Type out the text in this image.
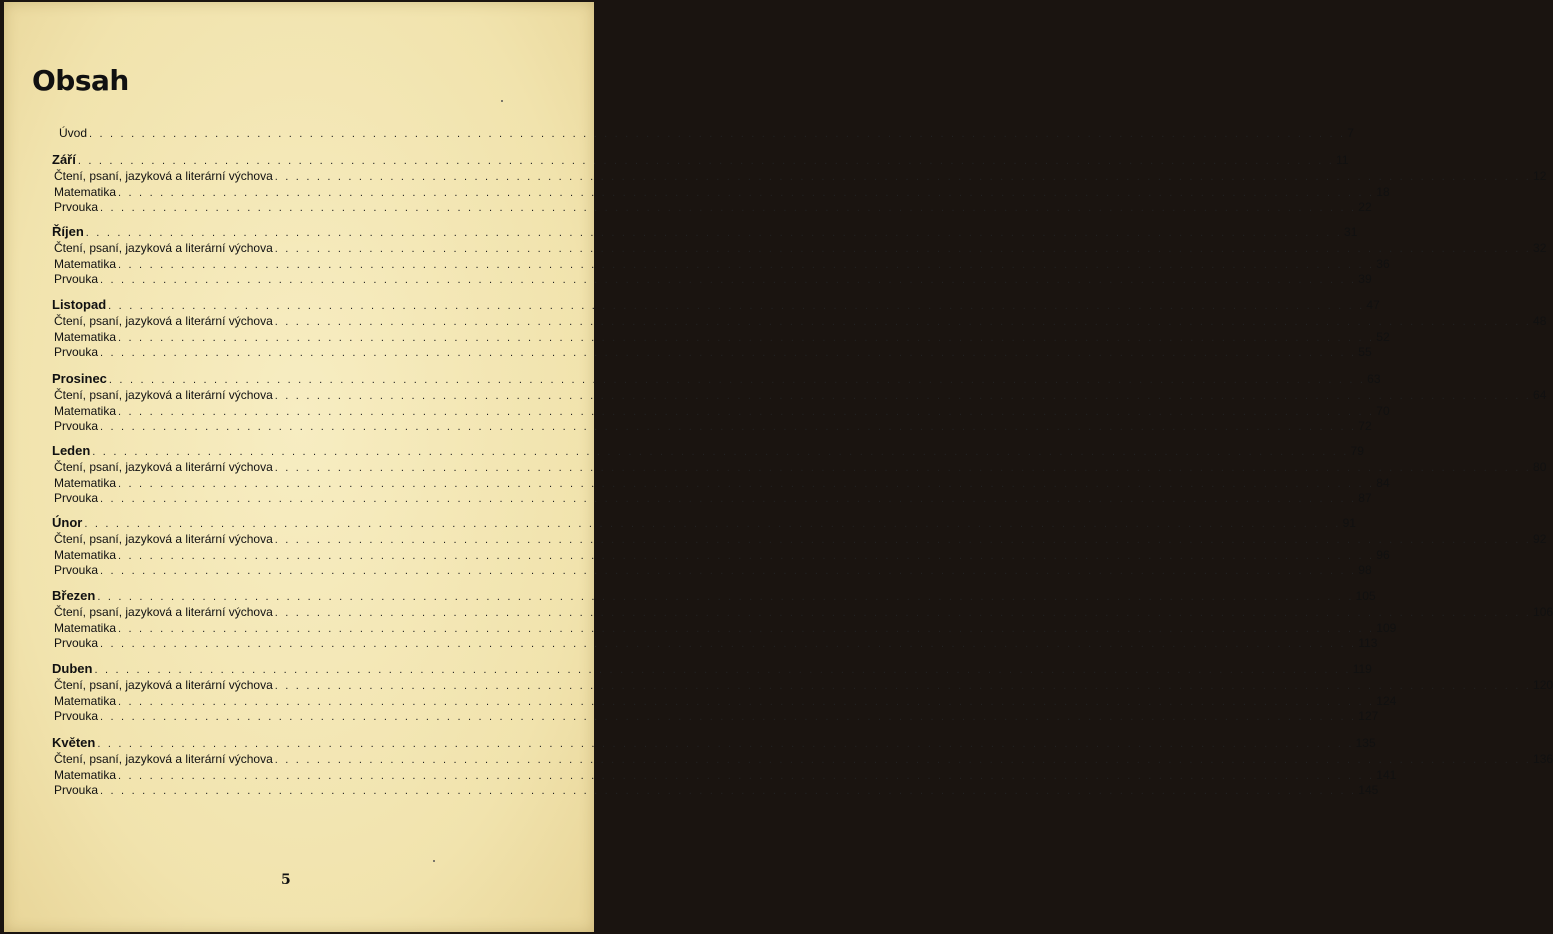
Obsah
Úvod . . . . . . . . . . . . . . . . . . . . . . . . . . . . . . . . . . . . . . . . . . . . . . . . . . . . . . . . . . . . . . . . . . . . . . . . . . . . . . . . . . . . . . . . . . . . . . . . . . . . . . . . . . . . . . . . . . . . . . . . 7
Září . . . . . . . . . . . . . . . . . . . . . . . . . . . . . . . . . . . . . . . . . . . . . . . . . . . . . . . . . . . . . . . . . . . . . . . . . . . . . . . . . . . . . . . . . . . . . . . . . . . . . . . . . . . . . . . . . . . . . . . . 11
Čtení, psaní, jazyková a literární výchova . . . . . . . . . . . . . . . . . . . . . . . . . . . . . . . . . . . . . . . . . . . . . . . . . . . . . . . . . . . . . . . . . . . . . . . . . . . . . . . . . . . . . . . . . . . . . . . . . . . . . . . . . . . . . . . . . . . . . . . . 12
Matematika . . . . . . . . . . . . . . . . . . . . . . . . . . . . . . . . . . . . . . . . . . . . . . . . . . . . . . . . . . . . . . . . . . . . . . . . . . . . . . . . . . . . . . . . . . . . . . . . . . . . . . . . . . . . . . . . . . . . . . . . 18
Prvouka . . . . . . . . . . . . . . . . . . . . . . . . . . . . . . . . . . . . . . . . . . . . . . . . . . . . . . . . . . . . . . . . . . . . . . . . . . . . . . . . . . . . . . . . . . . . . . . . . . . . . . . . . . . . . . . . . . . . . . . . 22
Říjen . . . . . . . . . . . . . . . . . . . . . . . . . . . . . . . . . . . . . . . . . . . . . . . . . . . . . . . . . . . . . . . . . . . . . . . . . . . . . . . . . . . . . . . . . . . . . . . . . . . . . . . . . . . . . . . . . . . . . . . . 31
Čtení, psaní, jazyková a literární výchova . . . . . . . . . . . . . . . . . . . . . . . . . . . . . . . . . . . . . . . . . . . . . . . . . . . . . . . . . . . . . . . . . . . . . . . . . . . . . . . . . . . . . . . . . . . . . . . . . . . . . . . . . . . . . . . . . . . . . . . . 32
Matematika . . . . . . . . . . . . . . . . . . . . . . . . . . . . . . . . . . . . . . . . . . . . . . . . . . . . . . . . . . . . . . . . . . . . . . . . . . . . . . . . . . . . . . . . . . . . . . . . . . . . . . . . . . . . . . . . . . . . . . . . 36
Prvouka . . . . . . . . . . . . . . . . . . . . . . . . . . . . . . . . . . . . . . . . . . . . . . . . . . . . . . . . . . . . . . . . . . . . . . . . . . . . . . . . . . . . . . . . . . . . . . . . . . . . . . . . . . . . . . . . . . . . . . . . 39
Listopad . . . . . . . . . . . . . . . . . . . . . . . . . . . . . . . . . . . . . . . . . . . . . . . . . . . . . . . . . . . . . . . . . . . . . . . . . . . . . . . . . . . . . . . . . . . . . . . . . . . . . . . . . . . . . . . . . . . . . . . . 47
Čtení, psaní, jazyková a literární výchova . . . . . . . . . . . . . . . . . . . . . . . . . . . . . . . . . . . . . . . . . . . . . . . . . . . . . . . . . . . . . . . . . . . . . . . . . . . . . . . . . . . . . . . . . . . . . . . . . . . . . . . . . . . . . . . . . . . . . . . . 48
Matematika . . . . . . . . . . . . . . . . . . . . . . . . . . . . . . . . . . . . . . . . . . . . . . . . . . . . . . . . . . . . . . . . . . . . . . . . . . . . . . . . . . . . . . . . . . . . . . . . . . . . . . . . . . . . . . . . . . . . . . . . 52
Prvouka . . . . . . . . . . . . . . . . . . . . . . . . . . . . . . . . . . . . . . . . . . . . . . . . . . . . . . . . . . . . . . . . . . . . . . . . . . . . . . . . . . . . . . . . . . . . . . . . . . . . . . . . . . . . . . . . . . . . . . . . 55
Prosinec . . . . . . . . . . . . . . . . . . . . . . . . . . . . . . . . . . . . . . . . . . . . . . . . . . . . . . . . . . . . . . . . . . . . . . . . . . . . . . . . . . . . . . . . . . . . . . . . . . . . . . . . . . . . . . . . . . . . . . . . 63
Čtení, psaní, jazyková a literární výchova . . . . . . . . . . . . . . . . . . . . . . . . . . . . . . . . . . . . . . . . . . . . . . . . . . . . . . . . . . . . . . . . . . . . . . . . . . . . . . . . . . . . . . . . . . . . . . . . . . . . . . . . . . . . . . . . . . . . . . . . 64
Matematika . . . . . . . . . . . . . . . . . . . . . . . . . . . . . . . . . . . . . . . . . . . . . . . . . . . . . . . . . . . . . . . . . . . . . . . . . . . . . . . . . . . . . . . . . . . . . . . . . . . . . . . . . . . . . . . . . . . . . . . . 70
Prvouka . . . . . . . . . . . . . . . . . . . . . . . . . . . . . . . . . . . . . . . . . . . . . . . . . . . . . . . . . . . . . . . . . . . . . . . . . . . . . . . . . . . . . . . . . . . . . . . . . . . . . . . . . . . . . . . . . . . . . . . . 72
Leden . . . . . . . . . . . . . . . . . . . . . . . . . . . . . . . . . . . . . . . . . . . . . . . . . . . . . . . . . . . . . . . . . . . . . . . . . . . . . . . . . . . . . . . . . . . . . . . . . . . . . . . . . . . . . . . . . . . . . . . . 79
Čtení, psaní, jazyková a literární výchova . . . . . . . . . . . . . . . . . . . . . . . . . . . . . . . . . . . . . . . . . . . . . . . . . . . . . . . . . . . . . . . . . . . . . . . . . . . . . . . . . . . . . . . . . . . . . . . . . . . . . . . . . . . . . . . . . . . . . . . . 80
Matematika . . . . . . . . . . . . . . . . . . . . . . . . . . . . . . . . . . . . . . . . . . . . . . . . . . . . . . . . . . . . . . . . . . . . . . . . . . . . . . . . . . . . . . . . . . . . . . . . . . . . . . . . . . . . . . . . . . . . . . . . 84
Prvouka . . . . . . . . . . . . . . . . . . . . . . . . . . . . . . . . . . . . . . . . . . . . . . . . . . . . . . . . . . . . . . . . . . . . . . . . . . . . . . . . . . . . . . . . . . . . . . . . . . . . . . . . . . . . . . . . . . . . . . . . 87
Únor . . . . . . . . . . . . . . . . . . . . . . . . . . . . . . . . . . . . . . . . . . . . . . . . . . . . . . . . . . . . . . . . . . . . . . . . . . . . . . . . . . . . . . . . . . . . . . . . . . . . . . . . . . . . . . . . . . . . . . . . 91
Čtení, psaní, jazyková a literární výchova . . . . . . . . . . . . . . . . . . . . . . . . . . . . . . . . . . . . . . . . . . . . . . . . . . . . . . . . . . . . . . . . . . . . . . . . . . . . . . . . . . . . . . . . . . . . . . . . . . . . . . . . . . . . . . . . . . . . . . . . 92
Matematika . . . . . . . . . . . . . . . . . . . . . . . . . . . . . . . . . . . . . . . . . . . . . . . . . . . . . . . . . . . . . . . . . . . . . . . . . . . . . . . . . . . . . . . . . . . . . . . . . . . . . . . . . . . . . . . . . . . . . . . . 96
Prvouka . . . . . . . . . . . . . . . . . . . . . . . . . . . . . . . . . . . . . . . . . . . . . . . . . . . . . . . . . . . . . . . . . . . . . . . . . . . . . . . . . . . . . . . . . . . . . . . . . . . . . . . . . . . . . . . . . . . . . . . . 98
Březen . . . . . . . . . . . . . . . . . . . . . . . . . . . . . . . . . . . . . . . . . . . . . . . . . . . . . . . . . . . . . . . . . . . . . . . . . . . . . . . . . . . . . . . . . . . . . . . . . . . . . . . . . . . . . . . . . . . . . . . . 105
Čtení, psaní, jazyková a literární výchova . . . . . . . . . . . . . . . . . . . . . . . . . . . . . . . . . . . . . . . . . . . . . . . . . . . . . . . . . . . . . . . . . . . . . . . . . . . . . . . . . . . . . . . . . . . . . . . . . . . . . . . . . . . . . . . . . . . . . . . . 106
Matematika . . . . . . . . . . . . . . . . . . . . . . . . . . . . . . . . . . . . . . . . . . . . . . . . . . . . . . . . . . . . . . . . . . . . . . . . . . . . . . . . . . . . . . . . . . . . . . . . . . . . . . . . . . . . . . . . . . . . . . . . 109
Prvouka . . . . . . . . . . . . . . . . . . . . . . . . . . . . . . . . . . . . . . . . . . . . . . . . . . . . . . . . . . . . . . . . . . . . . . . . . . . . . . . . . . . . . . . . . . . . . . . . . . . . . . . . . . . . . . . . . . . . . . . . 113
Duben . . . . . . . . . . . . . . . . . . . . . . . . . . . . . . . . . . . . . . . . . . . . . . . . . . . . . . . . . . . . . . . . . . . . . . . . . . . . . . . . . . . . . . . . . . . . . . . . . . . . . . . . . . . . . . . . . . . . . . . . 119
Čtení, psaní, jazyková a literární výchova . . . . . . . . . . . . . . . . . . . . . . . . . . . . . . . . . . . . . . . . . . . . . . . . . . . . . . . . . . . . . . . . . . . . . . . . . . . . . . . . . . . . . . . . . . . . . . . . . . . . . . . . . . . . . . . . . . . . . . . . 120
Matematika . . . . . . . . . . . . . . . . . . . . . . . . . . . . . . . . . . . . . . . . . . . . . . . . . . . . . . . . . . . . . . . . . . . . . . . . . . . . . . . . . . . . . . . . . . . . . . . . . . . . . . . . . . . . . . . . . . . . . . . . 124
Prvouka . . . . . . . . . . . . . . . . . . . . . . . . . . . . . . . . . . . . . . . . . . . . . . . . . . . . . . . . . . . . . . . . . . . . . . . . . . . . . . . . . . . . . . . . . . . . . . . . . . . . . . . . . . . . . . . . . . . . . . . . 127
Květen . . . . . . . . . . . . . . . . . . . . . . . . . . . . . . . . . . . . . . . . . . . . . . . . . . . . . . . . . . . . . . . . . . . . . . . . . . . . . . . . . . . . . . . . . . . . . . . . . . . . . . . . . . . . . . . . . . . . . . . . 135
Čtení, psaní, jazyková a literární výchova . . . . . . . . . . . . . . . . . . . . . . . . . . . . . . . . . . . . . . . . . . . . . . . . . . . . . . . . . . . . . . . . . . . . . . . . . . . . . . . . . . . . . . . . . . . . . . . . . . . . . . . . . . . . . . . . . . . . . . . . 136
Matematika . . . . . . . . . . . . . . . . . . . . . . . . . . . . . . . . . . . . . . . . . . . . . . . . . . . . . . . . . . . . . . . . . . . . . . . . . . . . . . . . . . . . . . . . . . . . . . . . . . . . . . . . . . . . . . . . . . . . . . . . 141
Prvouka . . . . . . . . . . . . . . . . . . . . . . . . . . . . . . . . . . . . . . . . . . . . . . . . . . . . . . . . . . . . . . . . . . . . . . . . . . . . . . . . . . . . . . . . . . . . . . . . . . . . . . . . . . . . . . . . . . . . . . . . 145
5
